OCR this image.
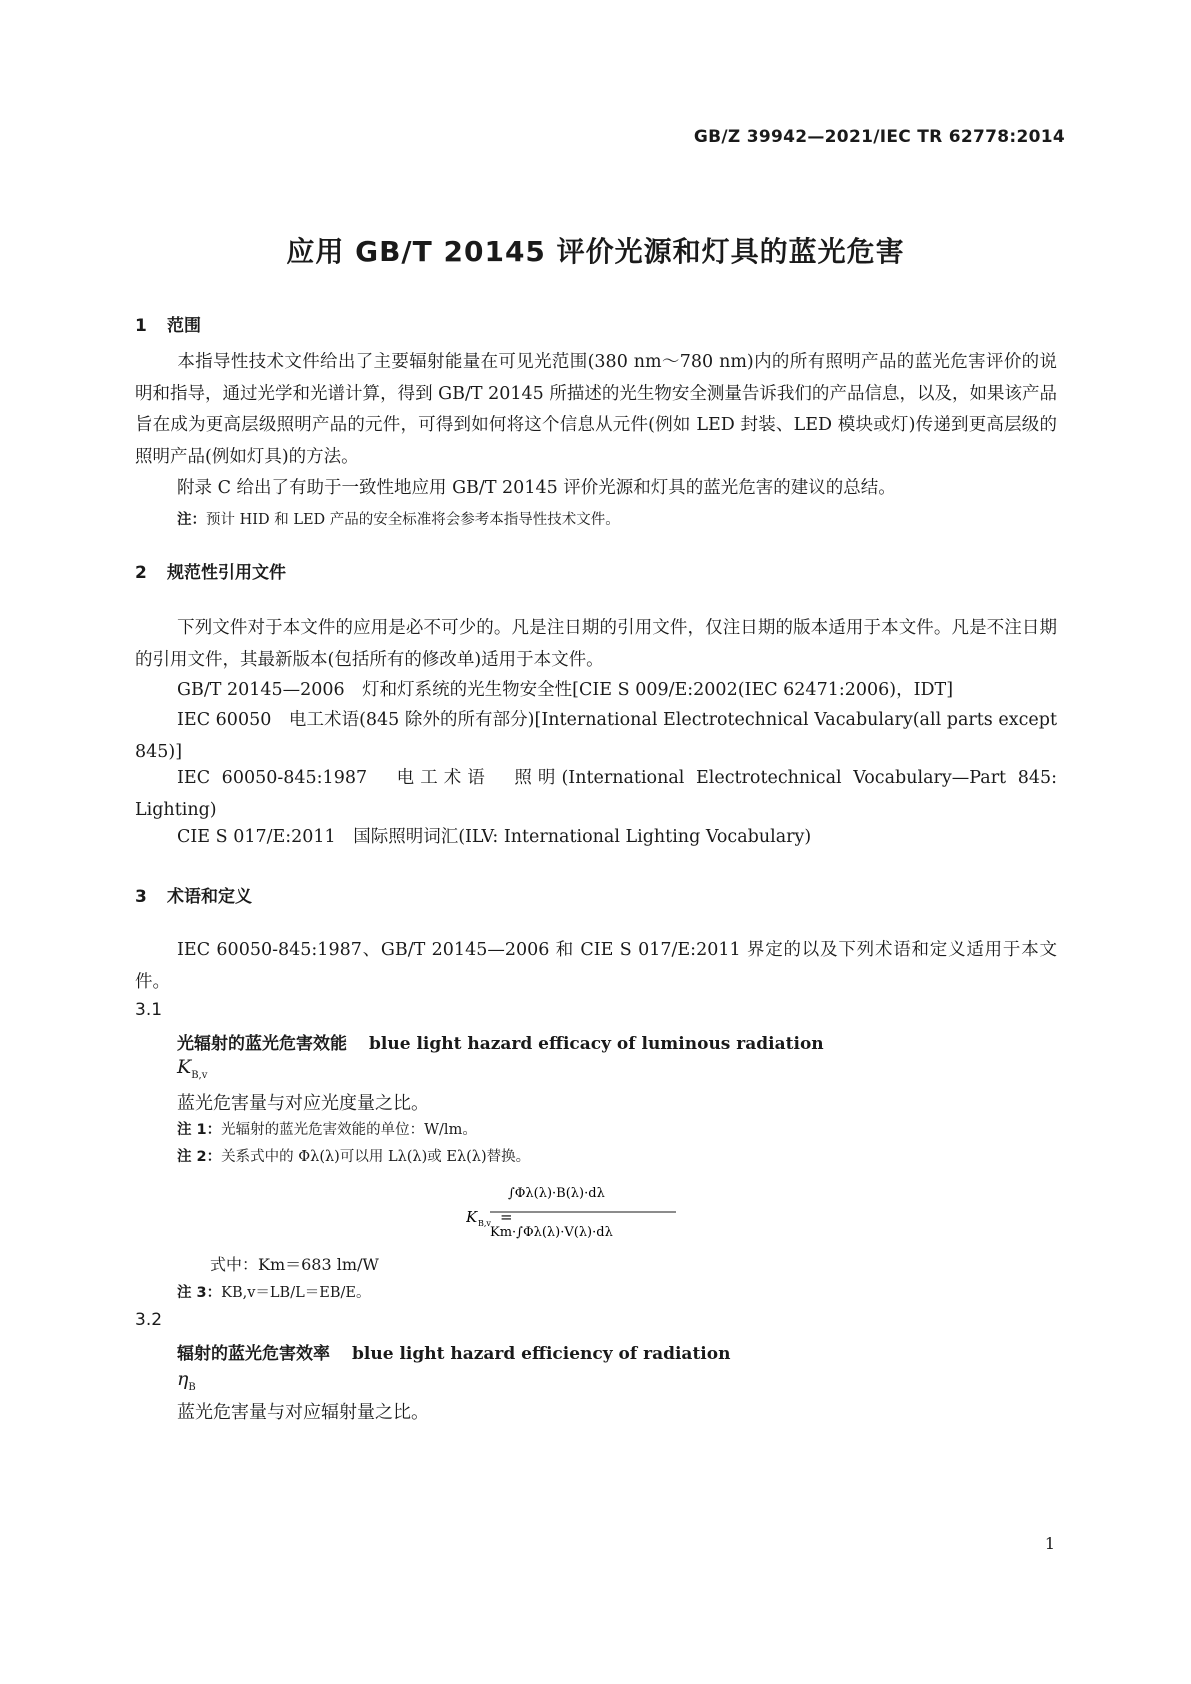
GB/Z 39942—2021/IEC TR 62778:2014
应用 GB/T 20145 评价光源和灯具的蓝光危害
1 范围
本指导性技术文件给出了主要辐射能量在可见光范围(380 nm～780 nm)内的所有照明产品的蓝光危害评价的说明和指导，通过光学和光谱计算，得到 GB/T 20145 所描述的光生物安全测量告诉我们的产品信息，以及，如果该产品旨在成为更高层级照明产品的元件，可得到如何将这个信息从元件(例如 LED 封装、LED 模块或灯)传递到更高层级的照明产品(例如灯具)的方法。
附录 C 给出了有助于一致性地应用 GB/T 20145 评价光源和灯具的蓝光危害的建议的总结。
注：预计 HID 和 LED 产品的安全标准将会参考本指导性技术文件。
2 规范性引用文件
下列文件对于本文件的应用是必不可少的。凡是注日期的引用文件，仅注日期的版本适用于本文件。凡是不注日期的引用文件，其最新版本(包括所有的修改单)适用于本文件。
GB/T 20145—2006　灯和灯系统的光生物安全性[CIE S 009/E:2002(IEC 62471:2006)，IDT]
IEC 60050　电工术语(845 除外的所有部分)[International Electrotechnical Vacabulary(all parts except 845)]
IEC 60050-845:1987　电工术语　照明(International Electrotechnical Vocabulary—Part 845: Lighting)
CIE S 017/E:2011　国际照明词汇(ILV: International Lighting Vocabulary)
3 术语和定义
IEC 60050-845:1987、GB/T 20145—2006 和 CIE S 017/E:2011 界定的以及下列术语和定义适用于本文件。
3.1
光辐射的蓝光危害效能 blue light hazard efficacy of luminous radiation
$K_{B,v}$
蓝光危害量与对应光度量之比。
注 1：光辐射的蓝光危害效能的单位：W/lm。
注 2：关系式中的 Φλ(λ)可以用 Lλ(λ)或 Eλ(λ)替换。
K B,v =
∫Φλ(λ)·B(λ)·dλ
Km·∫Φλ(λ)·V(λ)·dλ
式中：Km＝683 lm/W
注 3：KB,v＝LB/L＝EB/E。
3.2
辐射的蓝光危害效率 blue light hazard efficiency of radiation
$\eta_B$
蓝光危害量与对应辐射量之比。
1
